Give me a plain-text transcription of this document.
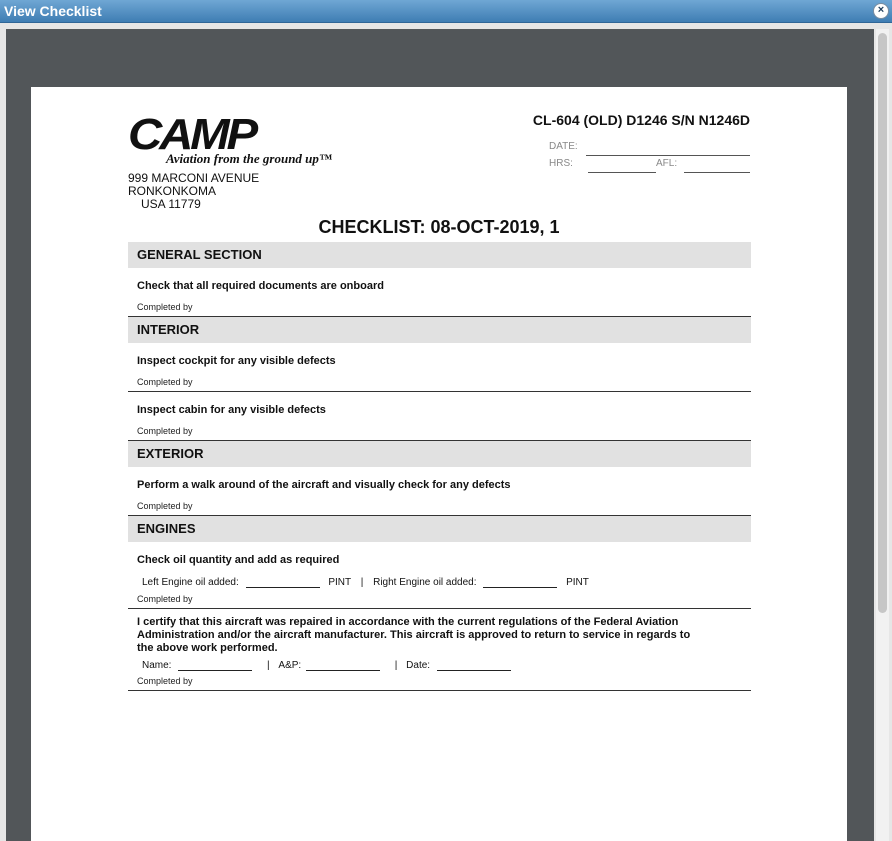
View Checklist	×
CAMP
Aviation from the ground up™
999 MARCONI AVENUE
RONKONKOMA
USA 11779
CL-604 (OLD) D1246 S/N N1246D
DATE:
HRS:	AFL:
CHECKLIST: 08-OCT-2019, 1
GENERAL SECTION
Check that all required documents are onboard
Completed by
INTERIOR
Inspect cockpit for any visible defects
Completed by
Inspect cabin for any visible defects
Completed by
EXTERIOR
Perform a walk around of the aircraft and visually check for any defects
Completed by
ENGINES
Check oil quantity and add as required
Left Engine oil added:	PINT | Right Engine oil added:	PINT
Completed by
I certify that this aircraft was repaired in accordance with the current regulations of the Federal Aviation Administration and/or the aircraft manufacturer. This aircraft is approved to return to service in regards to the above work performed.
Name:	| A&P:	| Date:
Completed by
